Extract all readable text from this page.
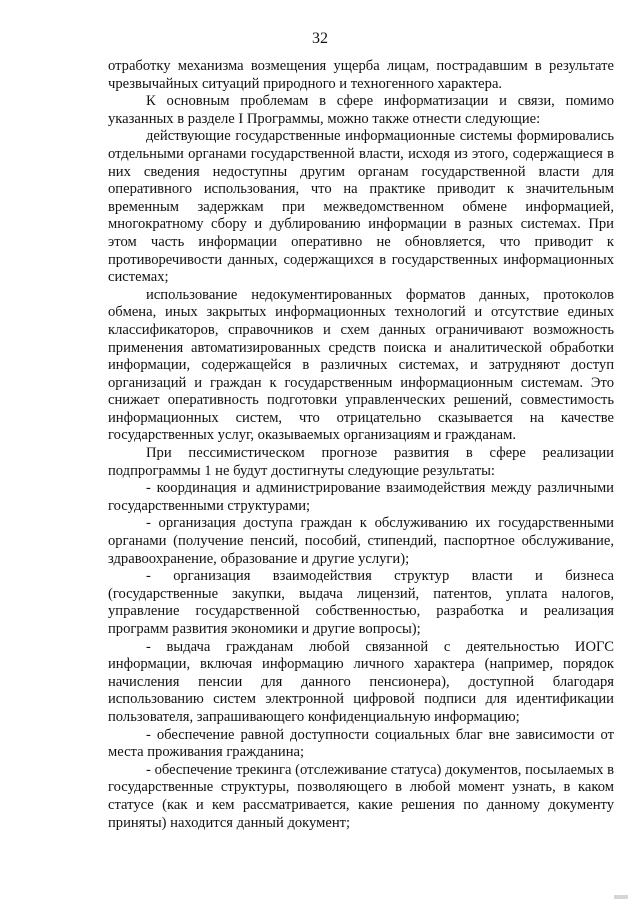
32

отработку механизма возмещения ущерба лицам, пострадавшим в результате чрезвычайных ситуаций природного и техногенного характера.

К основным проблемам в сфере информатизации и связи, помимо указанных в разделе I Программы, можно также отнести следующие:

действующие государственные информационные системы формировались отдельными органами государственной власти, исходя из этого, содержащиеся в них сведения недоступны другим органам государственной власти для оперативного использования, что на практике приводит к значительным временным задержкам при межведомственном обмене информацией, многократному сбору и дублированию информации в разных системах. При этом часть информации оперативно не обновляется, что приводит к противоречивости данных, содержащихся в государственных информационных системах;

использование недокументированных форматов данных, протоколов обмена, иных закрытых информационных технологий и отсутствие единых классификаторов, справочников и схем данных ограничивают возможность применения автоматизированных средств поиска и аналитической обработки информации, содержащейся в различных системах, и затрудняют доступ организаций и граждан к государственным информационным системам. Это снижает оперативность подготовки управленческих решений, совместимость информационных систем, что отрицательно сказывается на качестве государственных услуг, оказываемых организациям и гражданам.

При пессимистическом прогнозе развития в сфере реализации подпрограммы 1 не будут достигнуты следующие результаты:

- координация и администрирование взаимодействия между различными государственными структурами;

- организация доступа граждан к обслуживанию их государственными органами (получение пенсий, пособий, стипендий, паспортное обслуживание, здравоохранение, образование и другие услуги);

- организация взаимодействия структур власти и бизнеса (государственные закупки, выдача лицензий, патентов, уплата налогов, управление государственной собственностью, разработка и реализация программ развития экономики и другие вопросы);

- выдача гражданам любой связанной с деятельностью ИОГС информации, включая информацию личного характера (например, порядок начисления пенсии для данного пенсионера), доступной благодаря использованию систем электронной цифровой подписи для идентификации пользователя, запрашивающего конфиденциальную информацию;

- обеспечение равной доступности социальных благ вне зависимости от места проживания гражданина;

- обеспечение трекинга (отслеживание статуса) документов, посылаемых в государственные структуры, позволяющего в любой момент узнать, в каком статусе (как и кем рассматривается, какие решения по данному документу приняты) находится данный документ;
